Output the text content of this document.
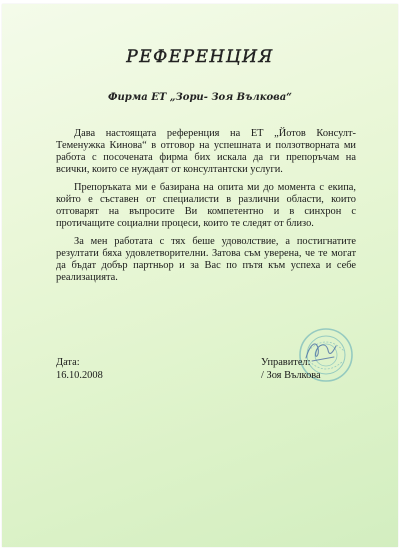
РЕФЕРЕНЦИЯ
Фирма ЕТ „Зори- Зоя Вълкова“

Дава настоящата референция на ЕТ „Йотов Консулт-Теменужка Кинова“ в отговор на успешната и ползотворната ми работа с посочената фирма бих искала да ги препоръчам на всички, които се нуждаят от консултантски услуги.

Препоръката ми е базирана на опита ми до момента с екипа, който е съставен от специалисти в различни области, които отговарят на въпросите Ви компетентно и в синхрон с протичащите социални процеси, които те следят от близо.

За мен работата с тях беше удоволствие, а постигнатите резултати бяха удовлетворителни. Затова съм уверена, че те могат да бъдат добър партньор и за Вас по пътя към успеха и себе реализацията.

Дата:
16.10.2008
Управител:
/ Зоя Вълкова
